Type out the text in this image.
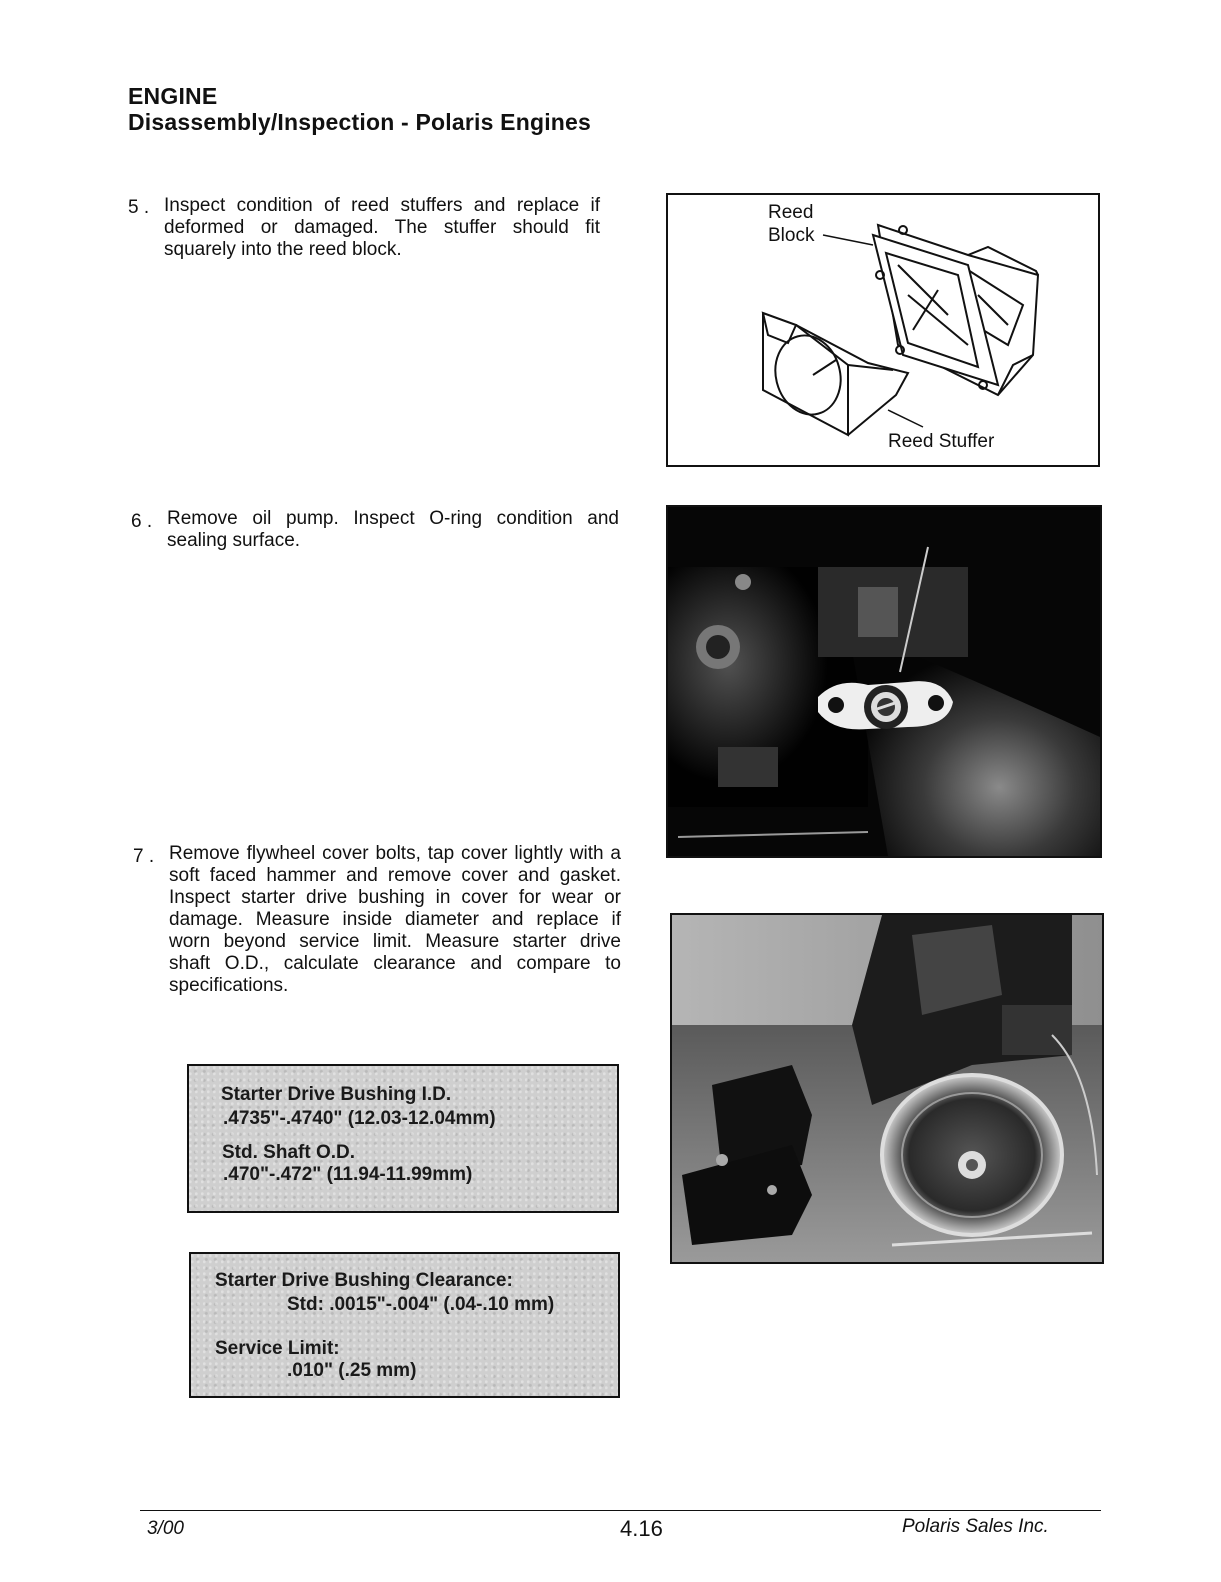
ENGINE
Disassembly/Inspection - Polaris Engines
5 . Inspect condition of reed stuffers and replace if
deformed or damaged. The stuffer should fit
squarely into the reed block.
Reed
Block
Reed Stuffer
6 . Remove oil pump. Inspect O-ring condition and
sealing surface.
7 . Remove flywheel cover bolts, tap cover lightly with a
soft faced hammer and remove cover and gasket.
Inspect starter drive bushing in cover for wear or
damage. Measure inside diameter and replace if
worn beyond service limit. Measure starter drive
shaft O.D., calculate clearance and compare to
specifications.
Starter Drive Bushing I.D.
.4735"-.4740" (12.03-12.04mm)
Std. Shaft O.D.
.470"-.472" (11.94-11.99mm)
Starter Drive Bushing Clearance:
Std: .0015"-.004" (.04-.10 mm)
Service Limit:
.010" (.25 mm)
3/00	4.16	Polaris Sales Inc.
